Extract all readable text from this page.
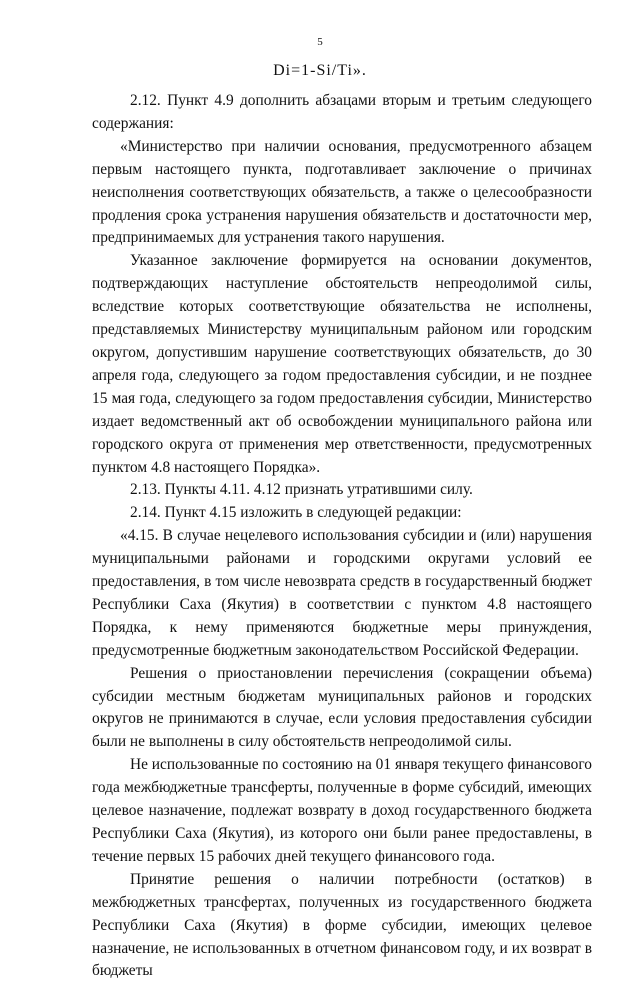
5
Di=1-Si/Ti».

2.12. Пункт 4.9 дополнить абзацами вторым и третьим следующего содержания:

«Министерство при наличии основания, предусмотренного абзацем первым настоящего пункта, подготавливает заключение о причинах неисполнения соответствующих обязательств, а также о целесообразности продления срока устранения нарушения обязательств и достаточности мер, предпринимаемых для устранения такого нарушения.

Указанное заключение формируется на основании документов, подтверждающих наступление обстоятельств непреодолимой силы, вследствие которых соответствующие обязательства не исполнены, представляемых Министерству муниципальным районом или городским округом, допустившим нарушение соответствующих обязательств, до 30 апреля года, следующего за годом предоставления субсидии, и не позднее 15 мая года, следующего за годом предоставления субсидии, Министерство издает ведомственный акт об освобождении муниципального района или городского округа от применения мер ответственности, предусмотренных пунктом 4.8 настоящего Порядка».

2.13. Пункты 4.11. 4.12 признать утратившими силу.

2.14. Пункт 4.15 изложить в следующей редакции:

«4.15. В случае нецелевого использования субсидии и (или) нарушения муниципальными районами и городскими округами условий ее предоставления, в том числе невозврата средств в государственный бюджет Республики Саха (Якутия) в соответствии с пунктом 4.8 настоящего Порядка, к нему применяются бюджетные меры принуждения, предусмотренные бюджетным законодательством Российской Федерации.

Решения о приостановлении перечисления (сокращении объема) субсидии местным бюджетам муниципальных районов и городских округов не принимаются в случае, если условия предоставления субсидии были не выполнены в силу обстоятельств непреодолимой силы.

Не использованные по состоянию на 01 января текущего финансового года межбюджетные трансферты, полученные в форме субсидий, имеющих целевое назначение, подлежат возврату в доход государственного бюджета Республики Саха (Якутия), из которого они были ранее предоставлены, в течение первых 15 рабочих дней текущего финансового года.

Принятие решения о наличии потребности (остатков) в межбюджетных трансфертах, полученных из государственного бюджета Республики Саха (Якутия) в форме субсидии, имеющих целевое назначение, не использованных в отчетном финансовом году, и их возврат в бюджеты
